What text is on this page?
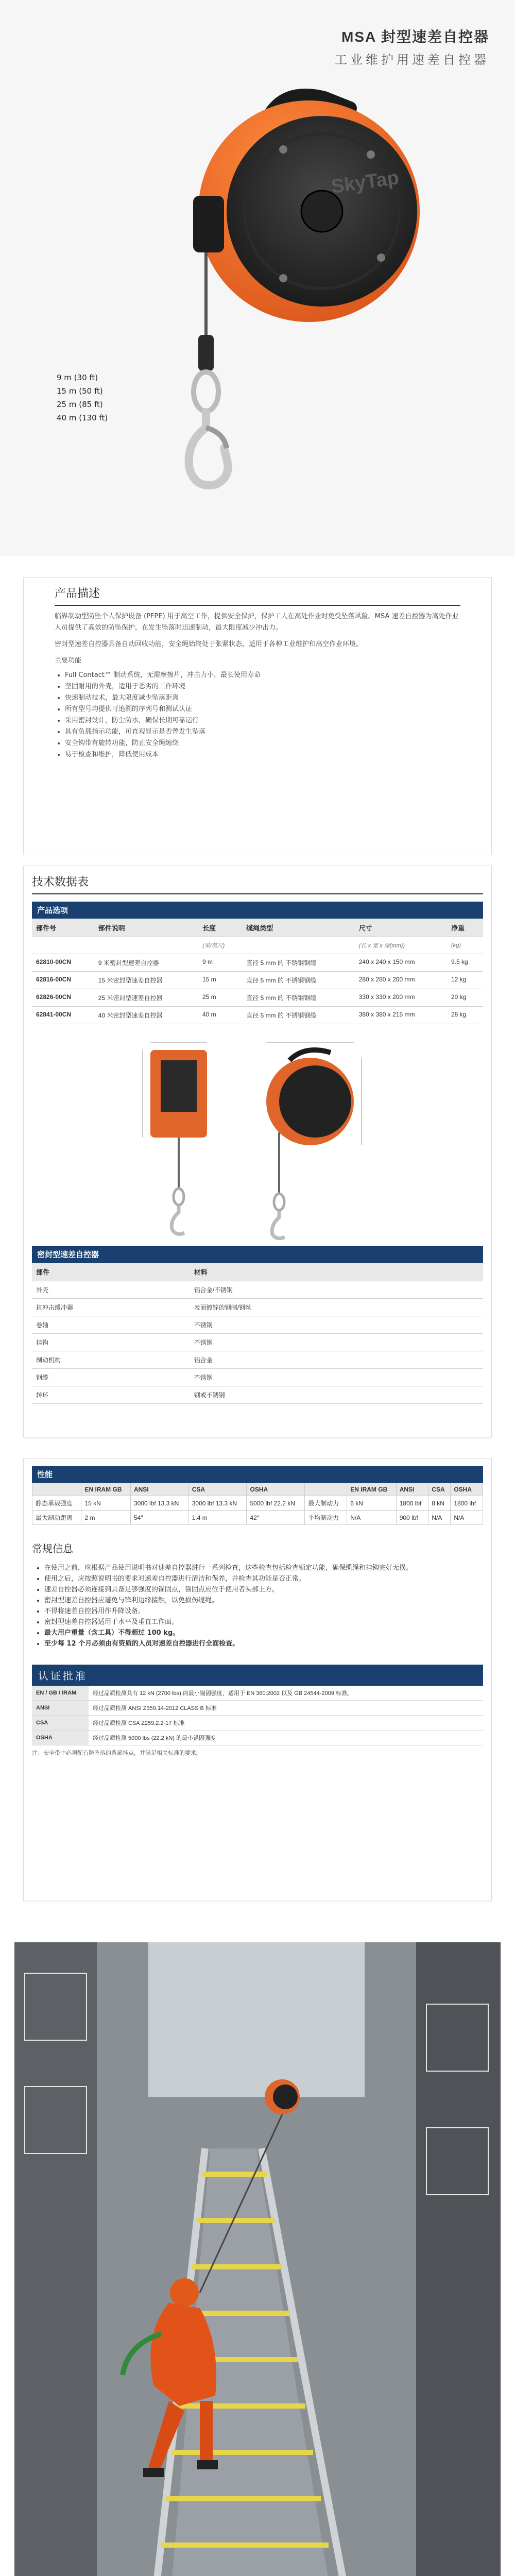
MSA 封型速差自控器
工业维护用速差自控器
SkyTap
9 m (30 ft)
15 m (50 ft)
25 m (85 ft)
40 m (130 ft)
产品描述

临界制动型防坠个人保护设备 (PFPE) 用于高空工作，提供安全保护，保护工人在高处作业时免受坠落风险。MSA 速差自控器为高处作业人员提供了高效的防坠保护，在发生坠落时迅速制动，最大限度减少冲击力。

密封型速差自控器具备自动回收功能，安全绳始终处于张紧状态，适用于各种工业维护和高空作业环境。

主要功能

• Full Contact™ 制动系统，无需摩擦片，冲击力小，最长使用寿命
• 坚固耐用的外壳，适用于恶劣的工作环境
• 快速制动技术，最大限度减少坠落距离
• 所有型号均提供可追溯的序列号和测试认证
• 采用密封设计，防尘防水，确保长期可靠运行
• 具有负载指示功能，可直观显示是否曾发生坠落
• 安全钩带有旋转功能，防止安全绳缠绕
• 易于检查和维护，降低使用成本
技术数据表
产品选项
部件号	部件说明	长度	缆绳类型	尺寸	净重
		(米/英尺)		(长 x 宽 x 深(mm))	(kg)
62810-00CN	9 米密封型速差自控器	9 m	直径 5 mm 的 不锈钢钢缆	240 x 240 x 150 mm	9.5 kg
62816-00CN	15 米密封型速差自控器	15 m	直径 5 mm 的 不锈钢钢缆	280 x 280 x 200 mm	12 kg
62826-00CN	25 米密封型速差自控器	25 m	直径 5 mm 的 不锈钢钢缆	330 x 330 x 200 mm	20 kg
62841-00CN	40 米密封型速差自控器	40 m	直径 5 mm 的 不锈钢钢缆	380 x 380 x 215 mm	28 kg
密封型速差自控器
部件	材料
外壳	铝合金/不锈钢
抗冲击缓冲器	表面镀锌的钢制/钢丝
卷轴	不锈钢
挂钩	不锈钢
制动机构	铝合金
钢缆	不锈钢
转环	钢或不锈钢
性能
	EN IRAM GB	ANSI	CSA	OSHA		EN IRAM GB	ANSI	CSA	OSHA
静态承载强度	15 kN	3000 lbf 13.3 kN	3000 lbf 13.3 kN	5000 lbf 22.2 kN	最大制动力	6 kN	1800 lbf	8 kN	1800 lbf
最大制动距离	2 m	54"	1.4 m	42"	平均制动力	N/A	900 lbf	N/A	N/A
常规信息
• 在使用之前，应根据产品使用说明书对速差自控器进行一系列检查，这些检查包括检查锁定功能，确保缆绳和挂钩完好无损。
• 使用之后，应按照说明书的要求对速差自控器进行清洁和保养，并检查其功能是否正常。
• 速差自控器必须连接到具备足够强度的锚固点，锚固点应位于使用者头部上方。
• 密封型速差自控器应避免与锋利边缘接触，以免损伤缆绳。
• 不得将速差自控器用作升降设备。
• 密封型速差自控器适用于水平及垂直工作面。
• 最大用户重量（含工具）不得超过 100 kg。
• 至少每 12 个月必须由有资质的人员对速差自控器进行全面检查。
认证批准
EN / GB / IRAM	经过品质检测具有 12 kN (2700 lbs) 的最小锚固强度，适用于 EN 360:2002 以及 GB 24544-2009 标准。
ANSI	经过品质检测 ANSI Z359.14-2012 CLASS B 标准
CSA	经过品质检测 CSA Z259.2.2-17 标准
OSHA	经过品质检测 5000 lbs (22.2 kN) 的最小锚固强度
注：安全带中必须配有防坠落的背部挂点，并满足相关标准的要求。
